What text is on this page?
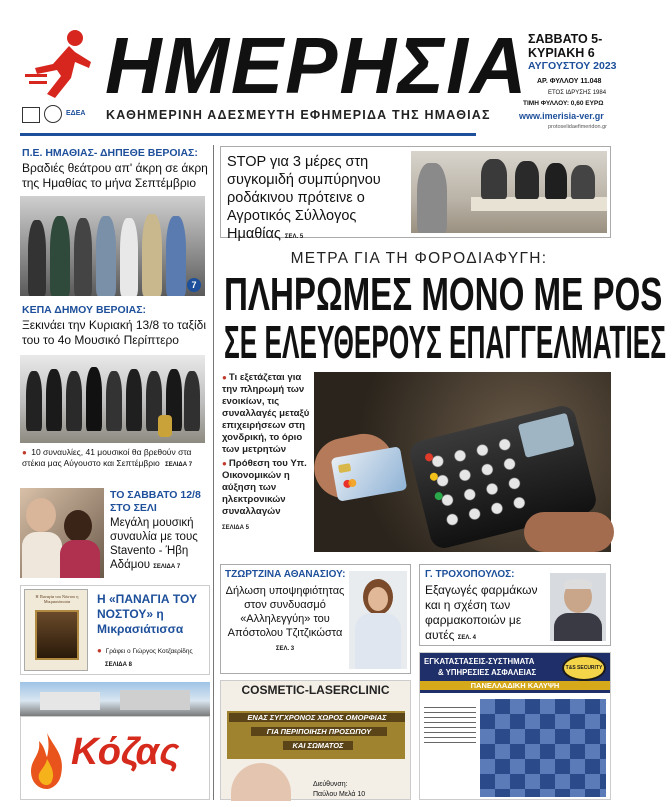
ΗΜΕΡΗΣΙΑ
ΕΔΕΑ ΚΑΘΗΜΕΡΙΝΗ ΑΔΕΣΜΕΥΤΗ ΕΦΗΜΕΡΙΔΑ ΤΗΣ ΗΜΑΘΙΑΣ
ΣΑΒΒΑΤΟ 5-
ΚΥΡΙΑΚΗ 6
ΑΥΓΟΥΣΤΟΥ 2023
ΑΡ. ΦΥΛΛΟΥ 11.048
ΕΤΟΣ ΙΔΡΥΣΗΣ 1984
ΤΙΜΗ ΦΥΛΛΟΥ: 0,60 ΕΥΡΩ
www.imerisia-ver.gr
protoselidaefimeridon.gr
Π.Ε. ΗΜΑΘΙΑΣ- ΔΗΠΕΘΕ ΒΕΡΟΙΑΣ:
Βραδιές θεάτρου απ' άκρη σε άκρη της Ημαθίας το μήνα Σεπτέμβριο
7
ΚΕΠΑ ΔΗΜΟΥ ΒΕΡΟΙΑΣ:
Ξεκινάει την Κυριακή 13/8 το ταξίδι του το 4ο Μουσικό Περίπτερο
● 10 συναυλίες, 41 μουσικοί θα βρεθούν στα στέκια μας Αύγουστο και Σεπτέμβριο ΣΕΛΙΔΑ 7
ΤΟ ΣΑΒΒΑΤΟ 12/8
ΣΤΟ ΣΕΛΙ
Μεγάλη μουσική συναυλία με τους Stavento - Ήβη Αδάμου ΣΕΛΙΔΑ 7
Η Παναγία του Νόστου η Μικρασιάτισσα	Η «ΠΑΝΑΓΙΑ ΤΟΥ ΝΟΣΤΟΥ» η Μικρασιάτισσα
● Γράφει ο Γιώργος Κοτζαερίδης
ΣΕΛΙΔΑ 8
Κόζας
STOP για 3 μέρες στη συγκομιδή συμπύρηνου ροδάκινου πρότεινε ο Αγροτικός Σύλλογος Ημαθίας ΣΕΛ. 5
ΜΕΤΡΑ ΓΙΑ ΤΗ ΦΟΡΟΔΙΑΦΥΓΗ:
ΠΛΗΡΩΜΕΣ ΜΟΝΟ ΜΕ POS
ΣΕ ΕΛΕΥΘΕΡΟΥΣ ΕΠΑΓΓΕΛΜΑΤΙΕΣ
● Τι εξετάζεται για την πληρωμή των ενοικίων, τις συναλλαγές μεταξύ επιχειρήσεων στη χονδρική, το όριο των μετρητών
● Πρόθεση του Υπ. Οικονομικών η αύξηση των ηλεκτρονικών συναλλαγών
ΣΕΛΙΔΑ 5
ΤΖΩΡΤΖΙΝΑ ΑΘΑΝΑΣΙΟΥ:
Δήλωση υποψηφιότητας στον συνδυασμό «Αλληλεγγύη» του Απόστολου Τζιτζικώστα ΣΕΛ. 3
Γ. ΤΡΟΧΟΠΟΥΛΟΣ:
Εξαγωγές φαρμάκων και η σχέση των φαρμακοποιών με αυτές ΣΕΛ. 4
COSMETIC-LASERCLINIC
ΕΝΑΣ ΣΥΓΧΡΟΝΟΣ ΧΩΡΟΣ ΟΜΟΡΦΙΑΣ
ΓΙΑ ΠΕΡΙΠΟΙΗΣΗ ΠΡΟΣΩΠΟΥ
ΚΑΙ ΣΩΜΑΤΟΣ
Διεύθυνση:
Παύλου Μελά 10
ΕΓΚΑΤΑΣΤΑΣΕΙΣ-ΣΥΣΤΗΜΑΤΑ
& ΥΠΗΡΕΣΙΕΣ ΑΣΦΑΛΕΙΑΣ
ΠΑΝΕΛΛΑΔΙΚΗ ΚΑΛΥΨΗ
T&S SECURITY
